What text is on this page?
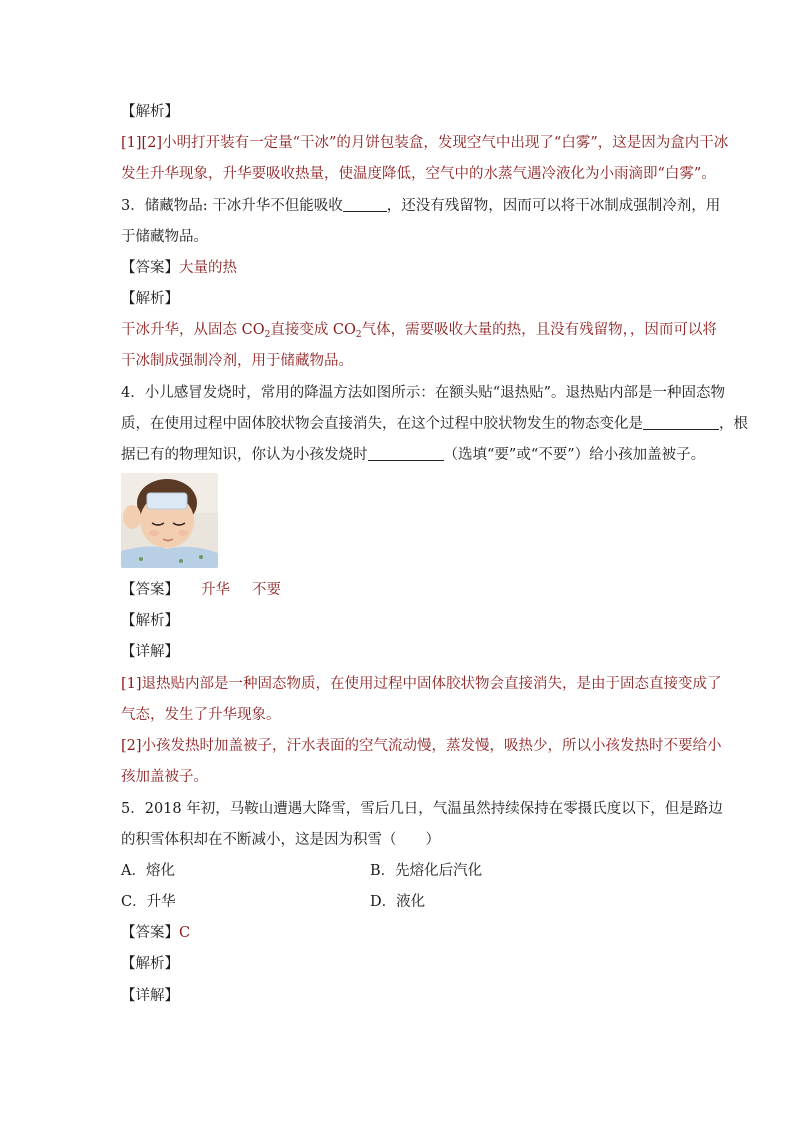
【解析】
[1][2]小明打开装有一定量“干冰”的月饼包装盒，发现空气中出现了“白雾”，这是因为盒内干冰
发生升华现象，升华要吸收热量，使温度降低，空气中的水蒸气遇冷液化为小雨滴即“白雾”。
3．储藏物品: 干冰升华不但能吸收	，还没有残留物，因而可以将干冰制成强制冷剂，用
于储藏物品。
【答案】大量的热
【解析】
干冰升华，从固态 $CO_2$直接变成 $CO_2$气体，需要吸收大量的热，且没有残留物，，因而可以将
干冰制成强制冷剂，用于储藏物品。
4．小儿感冒发烧时，常用的降温方法如图所示：在额头贴“退热贴”。退热贴内部是一种固态物
质，在使用过程中固体胶状物会直接消失，在这个过程中胶状物发生的物态变化是	，根
据已有的物理知识，你认为小孩发烧时	（选填“要”或“不要”）给小孩加盖被子。
【答案】 升华 不要
【解析】
【详解】
[1]退热贴内部是一种固态物质，在使用过程中固体胶状物会直接消失，是由于固态直接变成了
气态，发生了升华现象。
[2]小孩发热时加盖被子，汗水表面的空气流动慢，蒸发慢，吸热少，所以小孩发热时不要给小
孩加盖被子。
5．2018 年初，马鞍山遭遇大降雪，雪后几日，气温虽然持续保持在零摄氏度以下，但是路边
的积雪体积却在不断减小，这是因为积雪（　　）
A．熔化	B．先熔化后汽化
C．升华	D．液化
【答案】C
【解析】
【详解】
